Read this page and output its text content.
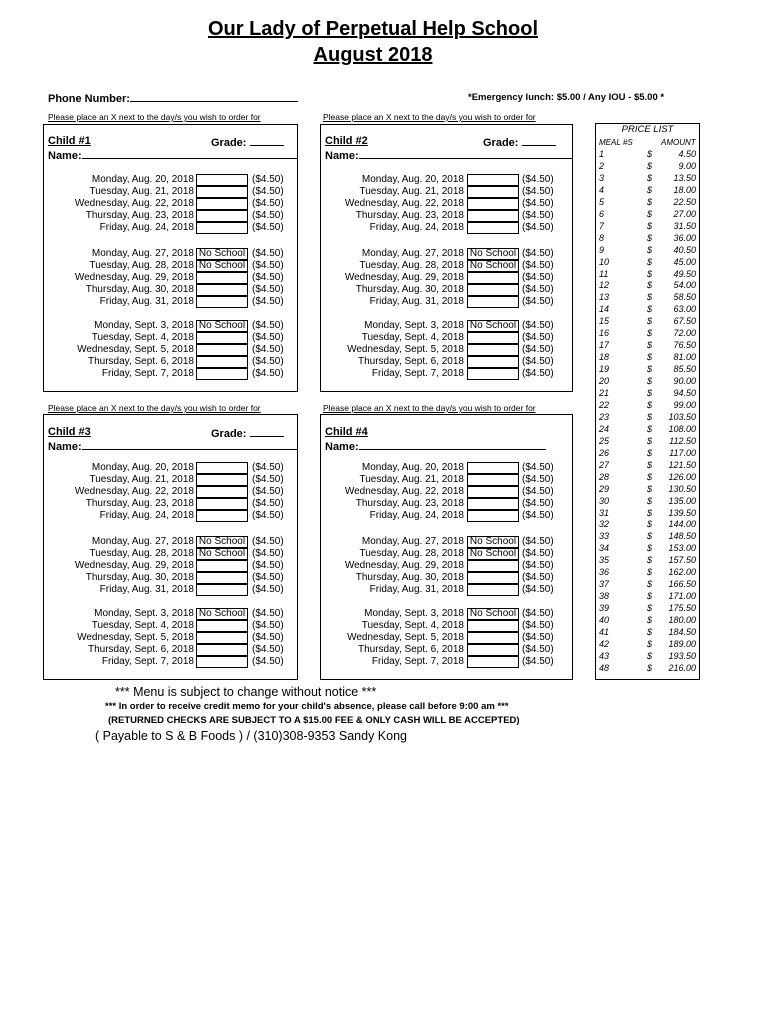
Our Lady of Perpetual Help School
August 2018
Phone Number:	*Emergency lunch: $5.00 / Any IOU - $5.00 *
Please place an X next to the day/s you wish to order for
Child #1	Grade:
Name:
Monday, Aug. 20, 2018	($4.50)
Tuesday, Aug. 21, 2018	($4.50)
Wednesday, Aug. 22, 2018	($4.50)
Thursday, Aug. 23, 2018	($4.50)
Friday, Aug. 24, 2018	($4.50)
Monday, Aug. 27, 2018 No School ($4.50)
Tuesday, Aug. 28, 2018 No School ($4.50)
Wednesday, Aug. 29, 2018	($4.50)
Thursday, Aug. 30, 2018	($4.50)
Friday, Aug. 31, 2018	($4.50)
Monday, Sept. 3, 2018 No School ($4.50)
Tuesday, Sept. 4, 2018	($4.50)
Wednesday, Sept. 5, 2018	($4.50)
Thursday, Sept. 6, 2018	($4.50)
Friday, Sept. 7, 2018	($4.50)
Please place an X next to the day/s you wish to order for
Child #2	Grade:
Name:
Monday, Aug. 20, 2018	($4.50)
Tuesday, Aug. 21, 2018	($4.50)
Wednesday, Aug. 22, 2018	($4.50)
Thursday, Aug. 23, 2018	($4.50)
Friday, Aug. 24, 2018	($4.50)
Monday, Aug. 27, 2018 No School ($4.50)
Tuesday, Aug. 28, 2018 No School ($4.50)
Wednesday, Aug. 29, 2018	($4.50)
Thursday, Aug. 30, 2018	($4.50)
Friday, Aug. 31, 2018	($4.50)
Monday, Sept. 3, 2018 No School ($4.50)
Tuesday, Sept. 4, 2018	($4.50)
Wednesday, Sept. 5, 2018	($4.50)
Thursday, Sept. 6, 2018	($4.50)
Friday, Sept. 7, 2018	($4.50)
Please place an X next to the day/s you wish to order for
Child #3	Grade:
Name:
Monday, Aug. 20, 2018	($4.50)
Tuesday, Aug. 21, 2018	($4.50)
Wednesday, Aug. 22, 2018	($4.50)
Thursday, Aug. 23, 2018	($4.50)
Friday, Aug. 24, 2018	($4.50)
Monday, Aug. 27, 2018 No School ($4.50)
Tuesday, Aug. 28, 2018 No School ($4.50)
Wednesday, Aug. 29, 2018	($4.50)
Thursday, Aug. 30, 2018	($4.50)
Friday, Aug. 31, 2018	($4.50)
Monday, Sept. 3, 2018 No School ($4.50)
Tuesday, Sept. 4, 2018	($4.50)
Wednesday, Sept. 5, 2018	($4.50)
Thursday, Sept. 6, 2018	($4.50)
Friday, Sept. 7, 2018	($4.50)
Please place an X next to the day/s you wish to order for
Child #4
Name:
Monday, Aug. 20, 2018	($4.50)
Tuesday, Aug. 21, 2018	($4.50)
Wednesday, Aug. 22, 2018	($4.50)
Thursday, Aug. 23, 2018	($4.50)
Friday, Aug. 24, 2018	($4.50)
Monday, Aug. 27, 2018 No School ($4.50)
Tuesday, Aug. 28, 2018 No School ($4.50)
Wednesday, Aug. 29, 2018	($4.50)
Thursday, Aug. 30, 2018	($4.50)
Friday, Aug. 31, 2018	($4.50)
Monday, Sept. 3, 2018 No School ($4.50)
Tuesday, Sept. 4, 2018	($4.50)
Wednesday, Sept. 5, 2018	($4.50)
Thursday, Sept. 6, 2018	($4.50)
Friday, Sept. 7, 2018	($4.50)
PRICE LIST
MEAL #S	AMOUNT
1	$	4.50
2	$	9.00
3	$ 13.50
4	$ 18.00
5	$ 22.50
6	$ 27.00
7	$ 31.50
8	$ 36.00
9	$ 40.50
10	$ 45.00
11	$ 49.50
12	$ 54.00
13	$ 58.50
14	$ 63.00
15	$ 67.50
16	$ 72.00
17	$ 76.50
18	$ 81.00
19	$ 85.50
20	$ 90.00
21	$ 94.50
22	$ 99.00
23	$ 103.50
24	$ 108.00
25	$ 112.50
26	$ 117.00
27	$ 121.50
28	$ 126.00
29	$ 130.50
30	$ 135.00
31	$ 139.50
32	$ 144.00
33	$ 148.50
34	$ 153.00
35	$ 157.50
36	$ 162.00
37	$ 166.50
38	$ 171.00
39	$ 175.50
40	$ 180.00
41	$ 184.50
42	$ 189.00
43	$ 193.50
48	$ 216.00
*** Menu is subject to change without notice ***
*** In order to receive credit memo for your child's absence, please call before 9:00 am ***
(RETURNED CHECKS ARE SUBJECT TO A $15.00 FEE & ONLY CASH WILL BE ACCEPTED)
( Payable to S & B Foods ) / (310)308-9353 Sandy Kong
